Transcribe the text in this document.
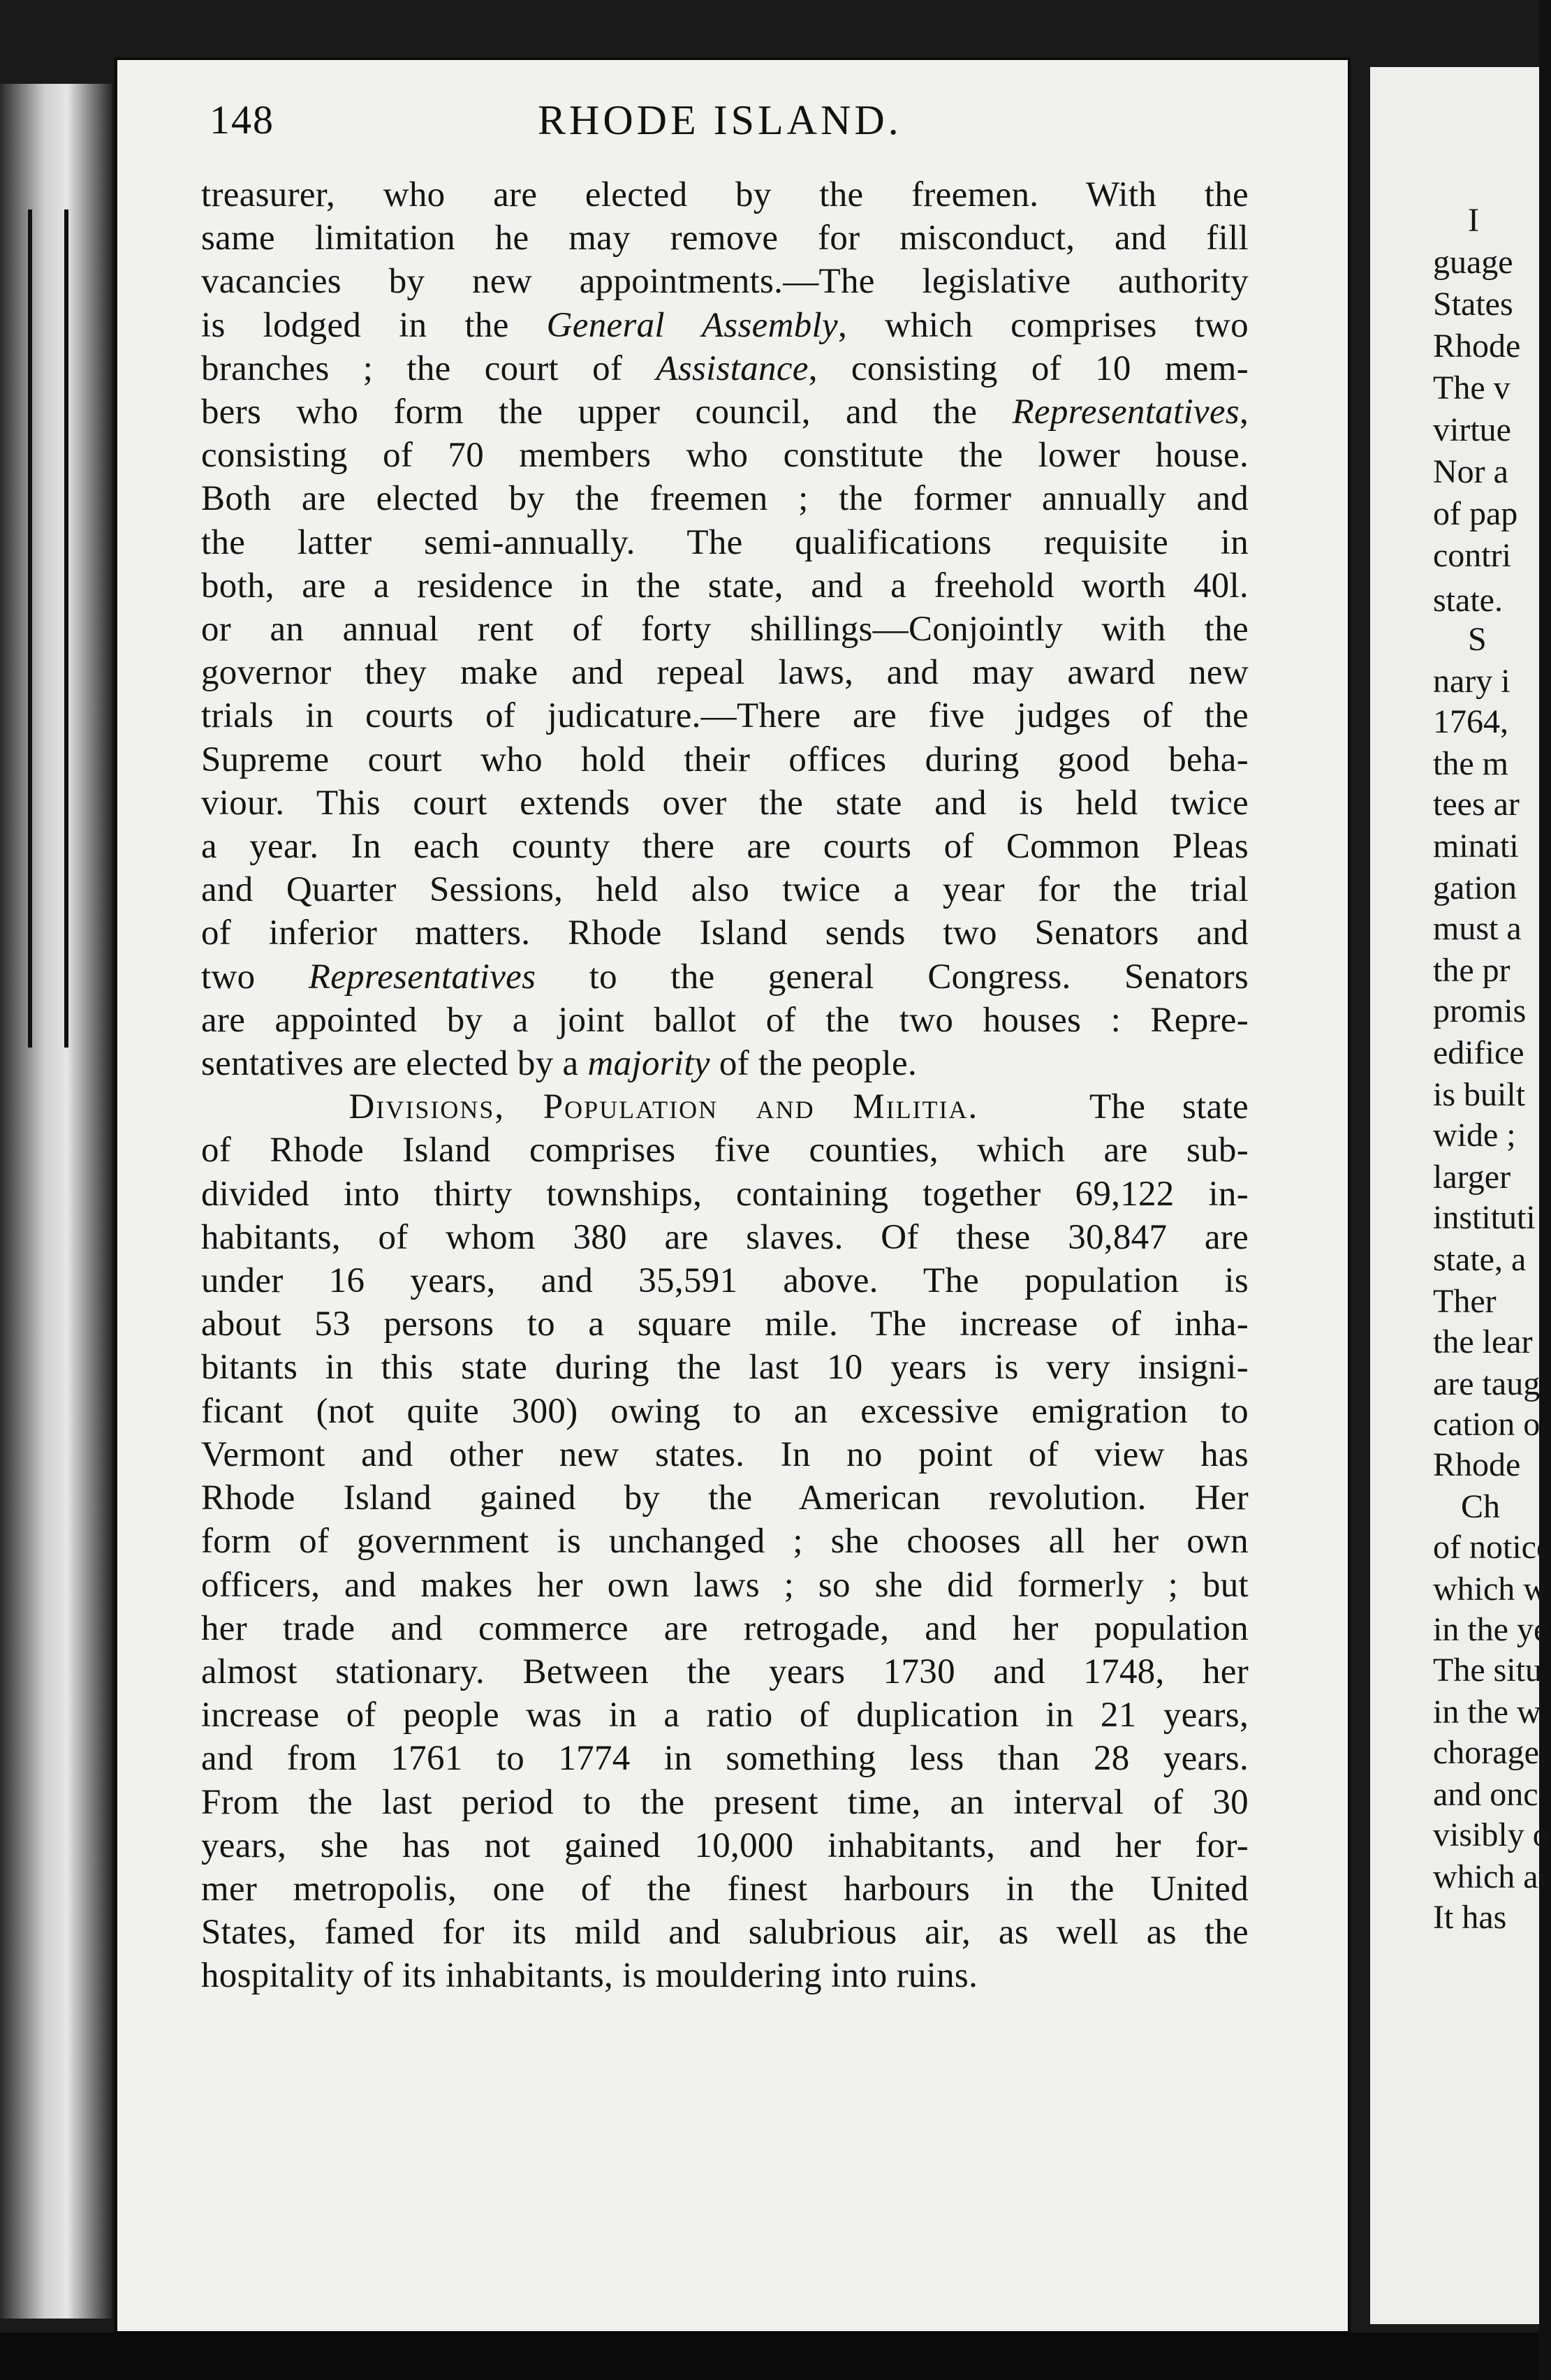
148	RHODE ISLAND.
treasurer, who are elected by the freemen. With the
same limitation he may remove for misconduct, and fill
vacancies by new appointments.—The legislative authority
is lodged in the General Assembly, which comprises two
branches ; the court of Assistance, consisting of 10 mem-
bers who form the upper council, and the Representatives,
consisting of 70 members who constitute the lower house.
Both are elected by the freemen ; the former annually and
the latter semi-annually. The qualifications requisite in
both, are a residence in the state, and a freehold worth 40l.
or an annual rent of forty shillings—Conjointly with the
governor they make and repeal laws, and may award new
trials in courts of judicature.—There are five judges of the
Supreme court who hold their offices during good beha-
viour. This court extends over the state and is held twice
a year. In each county there are courts of Common Pleas
and Quarter Sessions, held also twice a year for the trial
of inferior matters. Rhode Island sends two Senators and
two Representatives to the general Congress. Senators
are appointed by a joint ballot of the two houses : Repre-
sentatives are elected by a majority of the people.
Divisions, Population and Militia.	The state
of Rhode Island comprises five counties, which are sub-
divided into thirty townships, containing together 69,122 in-
habitants, of whom 380 are slaves. Of these 30,847 are
under 16 years, and 35,591 above. The population is
about 53 persons to a square mile. The increase of inha-
bitants in this state during the last 10 years is very insigni-
ficant (not quite 300) owing to an excessive emigration to
Vermont and other new states. In no point of view has
Rhode Island gained by the American revolution. Her
form of government is unchanged ; she chooses all her own
officers, and makes her own laws ; so she did formerly ; but
her trade and commerce are retrogade, and her population
almost stationary. Between the years 1730 and 1748, her
increase of people was in a ratio of duplication in 21 years,
and from 1761 to 1774 in something less than 28 years.
From the last period to the present time, an interval of 30
years, she has not gained 10,000 inhabitants, and her for-
mer metropolis, one of the finest harbours in the United
States, famed for its mild and salubrious air, as well as the
hospitality of its inhabitants, is mouldering into ruins.
I
guage
States
Rhode
The v
virtue
Nor a
of pap
contri
state.
S
nary i
1764,
the m
tees ar
minati
gation
must a
the pr
promis
edifice
is built
wide ;
larger
instituti
state, a
Ther
the lear
are taug
cation o
Rhode
Ch
of notice
which w
in the ye
The situ
in the w
chorage,
and onc
visibly o
which ar
It has
